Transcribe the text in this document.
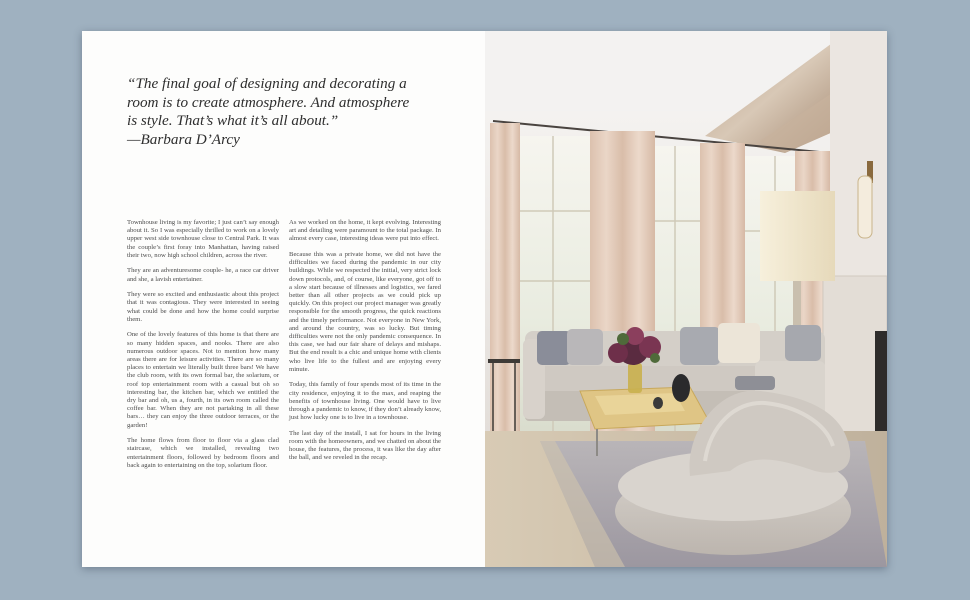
“The final goal of designing and decorating a
room is to create atmosphere. And atmosphere
is style. That’s what it’s all about.”
—Barbara D’Arcy

Townhouse living is my favorite; I just can’t say enough about it. So I was especially thrilled to work on a lovely upper west side townhouse close to Central Park. It was the couple’s first foray into Manhattan, having raised their two, now high school children, across the river.

They are an adventuresome couple- he, a race car driver and she, a lavish entertainer.

They were so excited and enthusiastic about this project that it was contagious. They were interested in seeing what could be done and how the home could surprise them.

One of the lovely features of this home is that there are so many hidden spaces, and nooks. There are also numerous outdoor spaces. Not to mention how many areas there are for leisure activities. There are so many places to entertain we literally built three bars! We have the club room, with its own formal bar, the solarium, or roof top entertainment room with a casual but oh so interesting bar, the kitchen bar, which we entitled the dry bar and oh, us a, fourth, in its own room called the coffee bar. When they are not partaking in all these bars… they can enjoy the three outdoor terraces, or the garden!

The home flows from floor to floor via a glass clad staircase, which we installed, revealing two entertainment floors, followed by bedroom floors and back again to entertaining on the top, solarium floor.

As we worked on the home, it kept evolving. Interesting art and detailing were paramount to the total package. In almost every case, interesting ideas were put into effect.

Because this was a private home, we did not have the difficulties we faced during the pandemic in our city buildings. While we respected the initial, very strict lock down protocols, and, of course, like everyone, got off to a slow start because of illnesses and logistics, we fared better than all other projects as we could pick up quickly. On this project our project manager was greatly responsible for the smooth progress, the quick reactions and the timely performance. Not everyone in New York, and around the country, was so lucky. But timing difficulties were not the only pandemic consequence. In this case, we had our fair share of delays and mishaps. But the end result is a chic and unique home with clients who live life to the fullest and are enjoying every minute.

Today, this family of four spends most of its time in the city residence, enjoying it to the max, and reaping the benefits of townhouse living. One would have to live through a pandemic to know, if they don’t already know, just how lucky one is to live in a townhouse.

The last day of the install, I sat for hours in the living room with the homeowners, and we chatted on about the house, the features, the process, it was like the day after the ball, and we reveled in the recap.
